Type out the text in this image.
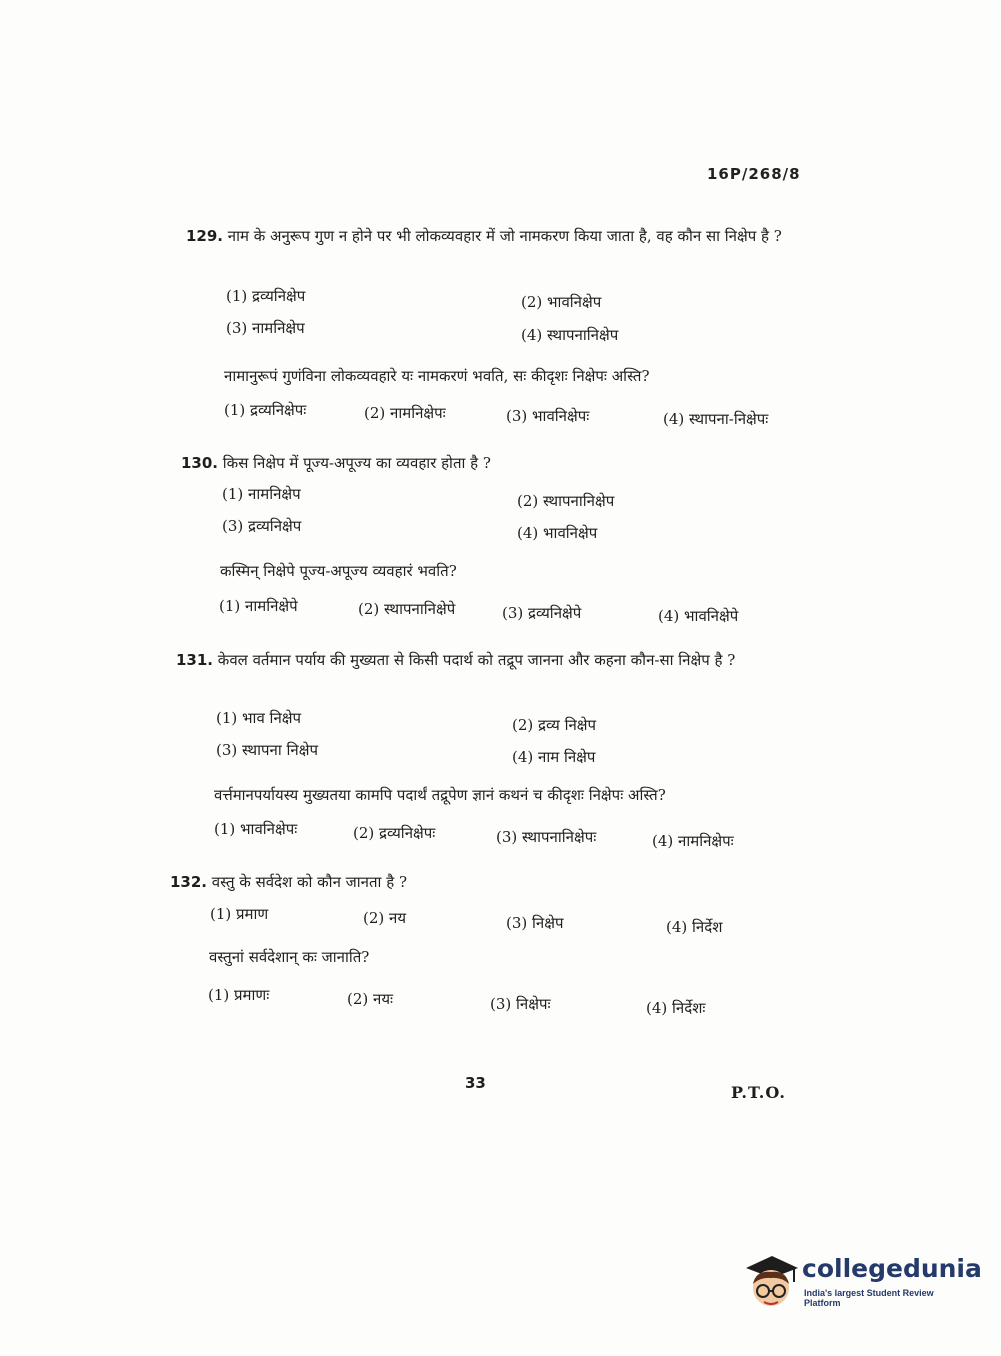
16P/268/8
129. नाम के अनुरूप गुण न होने पर भी लोकव्यवहार में जो नामकरण किया जाता है, वह कौन सा निक्षेप है ?
(1) द्रव्यनिक्षेप	(2) भावनिक्षेप
(3) नामनिक्षेप	(4) स्थापनानिक्षेप
नामानुरूपं गुणंविना लोकव्यवहारे यः नामकरणं भवति, सः कीदृशः निक्षेपः अस्ति?
(1) द्रव्यनिक्षेपः	(2) नामनिक्षेपः	(3) भावनिक्षेपः	(4) स्थापना-निक्षेपः
130. किस निक्षेप में पूज्य-अपूज्य का व्यवहार होता है ?
(1) नामनिक्षेप	(2) स्थापनानिक्षेप
(3) द्रव्यनिक्षेप	(4) भावनिक्षेप
कस्मिन् निक्षेपे पूज्य-अपूज्य व्यवहारं भवति?
(1) नामनिक्षेपे	(2) स्थापनानिक्षेपे	(3) द्रव्यनिक्षेपे	(4) भावनिक्षेपे
131. केवल वर्तमान पर्याय की मुख्यता से किसी पदार्थ को तद्रूप जानना और कहना कौन-सा निक्षेप है ?
(1) भाव निक्षेप	(2) द्रव्य निक्षेप
(3) स्थापना निक्षेप	(4) नाम निक्षेप
वर्त्तमानपर्यायस्य मुख्यतया कामपि पदार्थं तद्रूपेण ज्ञानं कथनं च कीदृशः निक्षेपः अस्ति?
(1) भावनिक्षेपः	(2) द्रव्यनिक्षेपः	(3) स्थापनानिक्षेपः	(4) नामनिक्षेपः
132. वस्तु के सर्वदेश को कौन जानता है ?
(1) प्रमाण	(2) नय	(3) निक्षेप	(4) निर्देश
वस्तुनां सर्वदेशान् कः जानाति?
(1) प्रमाणः	(2) नयः	(3) निक्षेपः	(4) निर्देशः
33	P.T.O.
collegedunia
India's largest Student Review Platform
